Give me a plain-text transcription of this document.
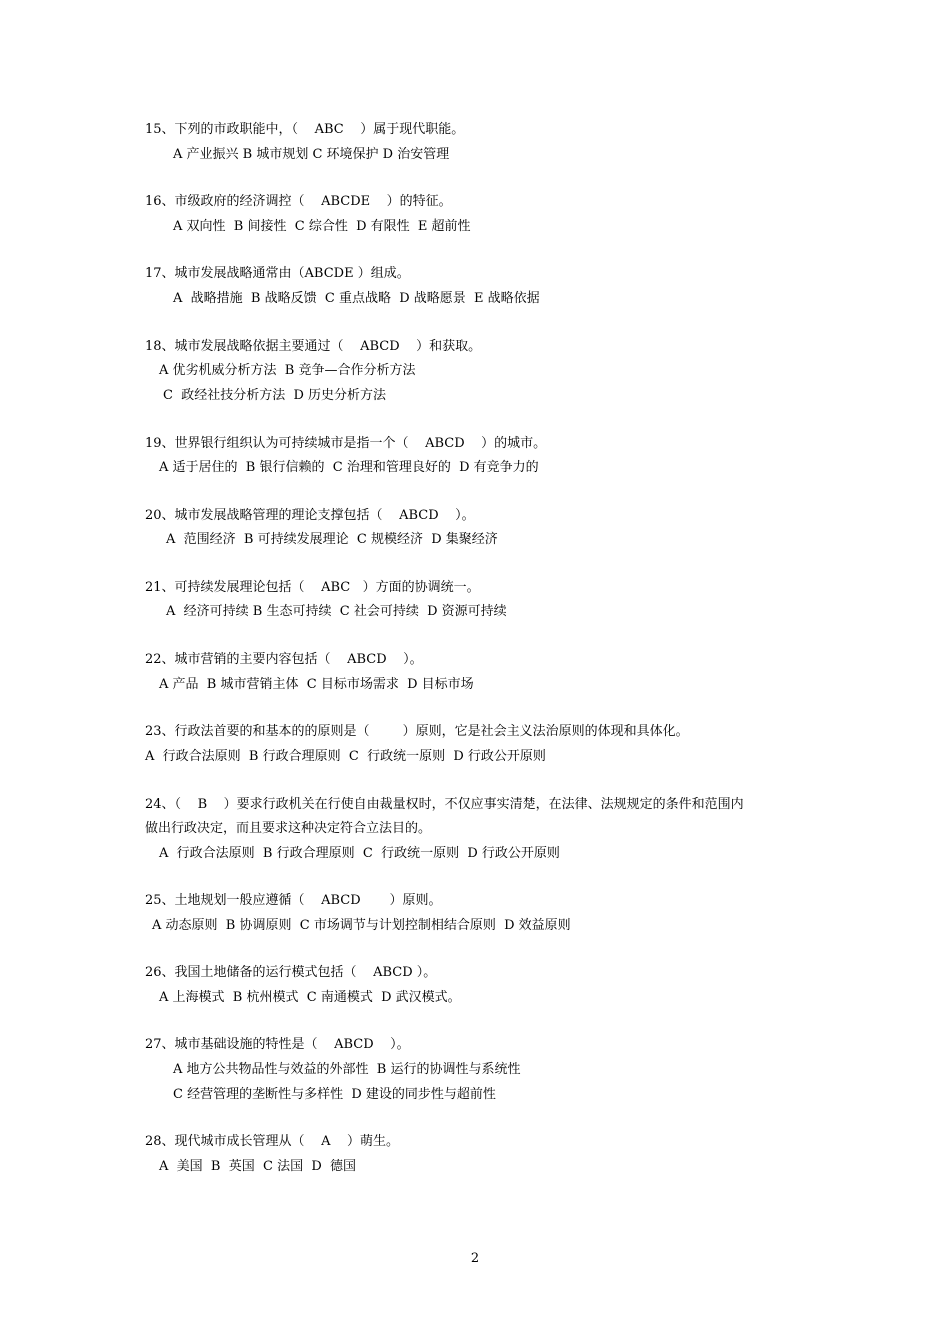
15、下列的市政职能中，（    ABC    ）属于现代职能。
A 产业振兴 B 城市规划 C 环境保护 D 治安管理
16、市级政府的经济调控（    ABCDE    ）的特征。
A 双向性  B 间接性  C 综合性  D 有限性  E 超前性
17、城市发展战略通常由（ABCDE ）组成。
A  战略措施  B 战略反馈  C 重点战略  D 战略愿景  E 战略依据
18、城市发展战略依据主要通过（    ABCD    ）和获取。
A 优劣机威分析方法  B 竞争—合作分析方法
C  政经社技分析方法  D 历史分析方法
19、世界银行组织认为可持续城市是指一个（    ABCD    ）的城市。
A 适于居住的  B 银行信赖的  C 治理和管理良好的  D 有竞争力的
20、城市发展战略管理的理论支撑包括（    ABCD    ）。
A  范围经济  B 可持续发展理论  C 规模经济  D 集聚经济
21、可持续发展理论包括（    ABC   ）方面的协调统一。
A  经济可持续 B 生态可持续  C 社会可持续  D 资源可持续
22、城市营销的主要内容包括（    ABCD    ）。
A 产品  B 城市营销主体  C 目标市场需求  D 目标市场
23、行政法首要的和基本的的原则是（        ）原则，它是社会主义法治原则的体现和具体化。
A  行政合法原则  B 行政合理原则  C  行政统一原则  D 行政公开原则
24、（    B    ）要求行政机关在行使自由裁量权时，不仅应事实清楚，在法律、法规规定的条件和范围内
做出行政决定，而且要求这种决定符合立法目的。
A  行政合法原则  B 行政合理原则  C  行政统一原则  D 行政公开原则
25、土地规划一般应遵循（    ABCD       ）原则。
A 动态原则  B 协调原则  C 市场调节与计划控制相结合原则  D 效益原则
26、我国土地储备的运行模式包括（    ABCD ）。
A 上海模式  B 杭州模式  C 南通模式  D 武汉模式。
27、城市基础设施的特性是（    ABCD    ）。
A 地方公共物品性与效益的外部性  B 运行的协调性与系统性
C 经营管理的垄断性与多样性  D 建设的同步性与超前性
28、现代城市成长管理从（    A    ）萌生。
A  美国  B  英国  C 法国  D  德国
2
